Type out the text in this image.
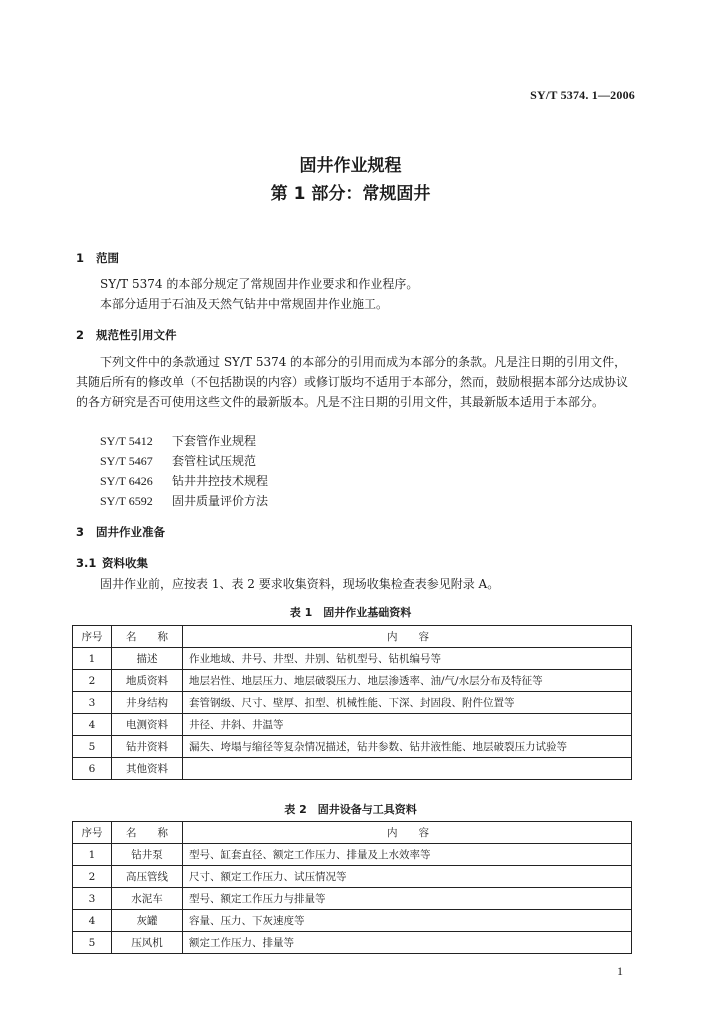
SY/T 5374. 1—2006
固井作业规程
第 1 部分：常规固井
1 范围
SY/T 5374 的本部分规定了常规固井作业要求和作业程序。
本部分适用于石油及天然气钻井中常规固井作业施工。
2 规范性引用文件
下列文件中的条款通过 SY/T 5374 的本部分的引用而成为本部分的条款。凡是注日期的引用文件，其随后所有的修改单（不包括勘误的内容）或修订版均不适用于本部分，然而，鼓励根据本部分达成协议的各方研究是否可使用这些文件的最新版本。凡是不注日期的引用文件，其最新版本适用于本部分。
SY/T 5412 下套管作业规程
SY/T 5467 套管柱试压规范
SY/T 6426 钻井井控技术规程
SY/T 6592 固井质量评价方法
3 固井作业准备
3.1 资料收集
固井作业前，应按表 1、表 2 要求收集资料，现场收集检查表参见附录 A。
表 1　固井作业基础资料
序号	名　　称	内　　容
1	描述	作业地域、井号、井型、井别、钻机型号、钻机编号等
2	地质资料	地层岩性、地层压力、地层破裂压力、地层渗透率、油/气/水层分布及特征等
3	井身结构	套管钢级、尺寸、壁厚、扣型、机械性能、下深、封固段、附件位置等
4	电测资料	井径、井斜、井温等
5	钻井资料	漏失、垮塌与缩径等复杂情况描述，钻井参数、钻井液性能、地层破裂压力试验等
6	其他资料	
表 2　固井设备与工具资料
序号	名　　称	内　　容
1	钻井泵	型号、缸套直径、额定工作压力、排量及上水效率等
2	高压管线	尺寸、额定工作压力、试压情况等
3	水泥车	型号、额定工作压力与排量等
4	灰罐	容量、压力、下灰速度等
5	压风机	额定工作压力、排量等
1
